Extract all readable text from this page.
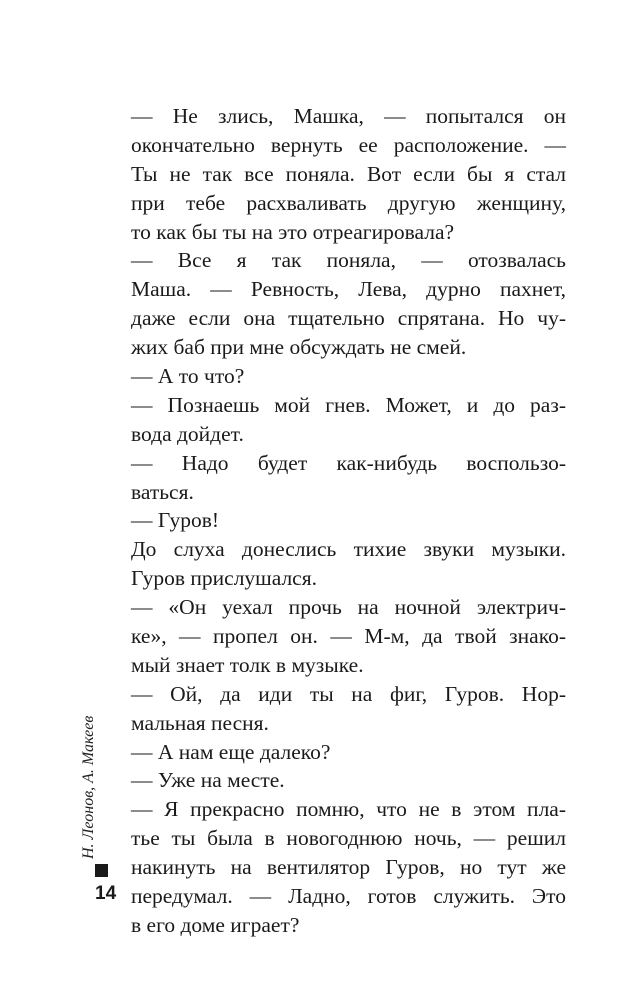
— Не злись, Машка, — попытался он
окончательно вернуть ее расположение. —
Ты не так все поняла. Вот если бы я стал
при тебе расхваливать другую женщину,
то как бы ты на это отреагировала?
— Все я так поняла, — отозвалась
Маша. — Ревность, Лева, дурно пахнет,
даже если она тщательно спрятана. Но чу-
жих баб при мне обсуждать не смей.
— А то что?
— Познаешь мой гнев. Может, и до раз-
вода дойдет.
— Надо будет как-нибудь воспользо-
ваться.
— Гуров!
До слуха донеслись тихие звуки музыки.
Гуров прислушался.
— «Он уехал прочь на ночной электрич-
ке», — пропел он. — М-м, да твой знако-
мый знает толк в музыке.
— Ой, да иди ты на фиг, Гуров. Нор-
мальная песня.
— А нам еще далеко?
— Уже на месте.
— Я прекрасно помню, что не в этом пла-
тье ты была в новогоднюю ночь, — решил
накинуть на вентилятор Гуров, но тут же
передумал. — Ладно, готов служить. Это
в его доме играет?
Н. Леонов, А. Макеев
14
